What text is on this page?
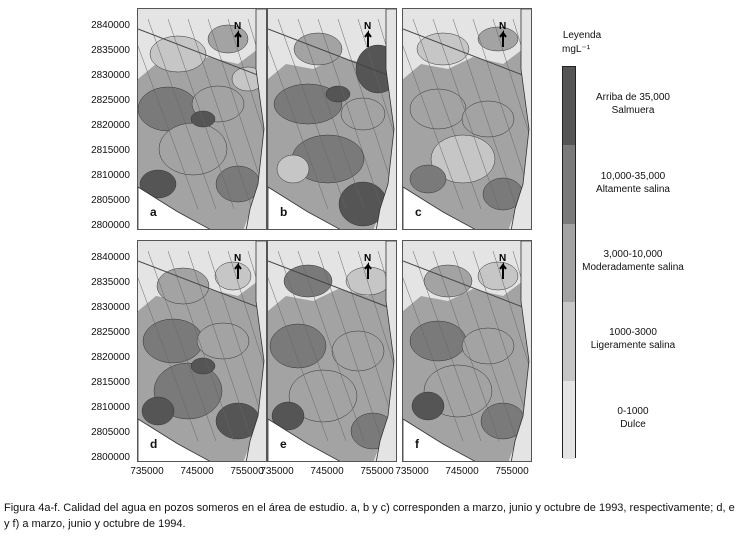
N
a
N
b
N
c
N
d
N
e
N
f
2840000
2835000
2830000
2825000
2820000
2815000
2810000
2805000
2800000
2840000
2835000
2830000
2825000
2820000
2815000
2810000
2805000
2800000
735000	745000	755000
735000	745000	755000 735000	745000	755000
Leyenda
mgL⁻¹
Arriba de 35,000
Salmuera
10,000-35,000
Altamente salina
3,000-10,000
Moderadamente salina
1000-3000
Ligeramente salina
0-1000
Dulce
Figura 4a-f. Calidad del agua en pozos someros en el área de estudio. a, b y c) corresponden a marzo, junio y octubre de 1993, respectivamente; d, e y f) a marzo, junio y octubre de 1994.
